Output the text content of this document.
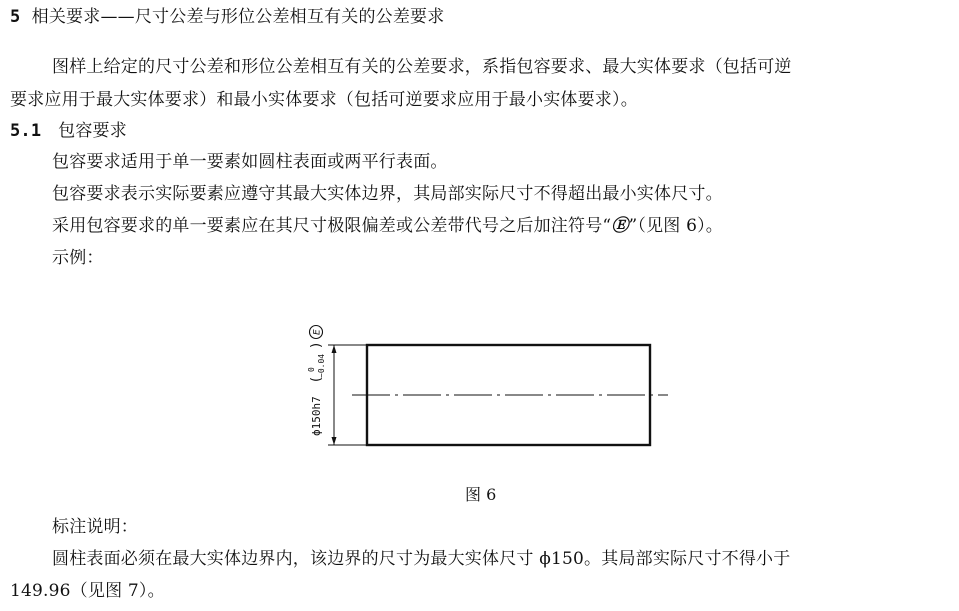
5 相关要求——尺寸公差与形位公差相互有关的公差要求
图样上给定的尺寸公差和形位公差相互有关的公差要求，系指包容要求、最大实体要求（包括可逆
要求应用于最大实体要求）和最小实体要求（包括可逆要求应用于最小实体要求）。
5.1 包容要求
包容要求适用于单一要素如圆柱表面或两平行表面。
包容要求表示实际要素应遵守其最大实体边界，其局部实际尺寸不得超出最小实体尺寸。
采用包容要求的单一要素应在其尺寸极限偏差或公差带代号之后加注符号“Ⓔ”（见图 6）。
示例：
ϕ150h7
(
0 −0.04
)
E
图 6
标注说明：
圆柱表面必须在最大实体边界内，该边界的尺寸为最大实体尺寸 ϕ150。其局部实际尺寸不得小于
149.96（见图 7）。
